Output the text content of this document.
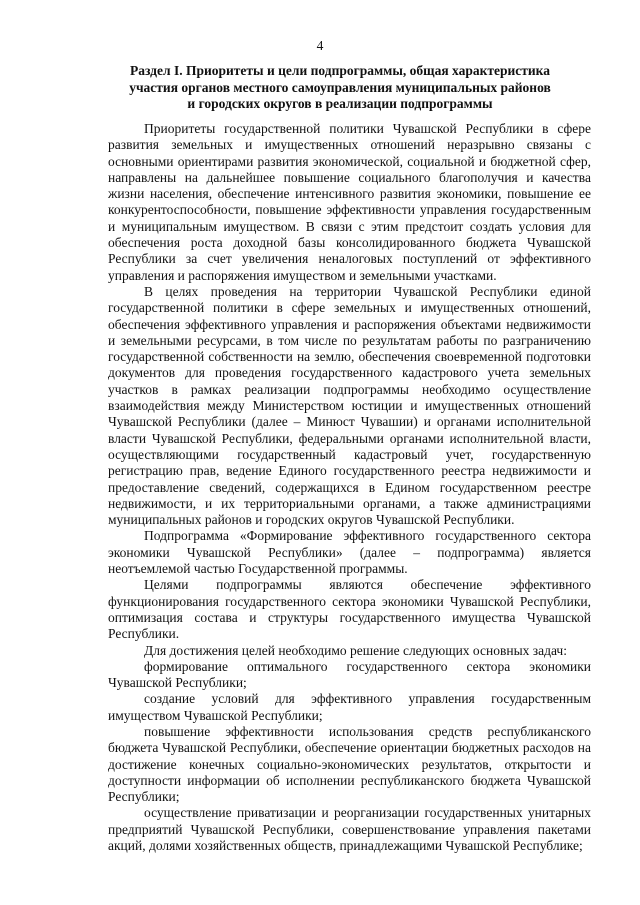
4
Раздел I. Приоритеты и цели подпрограммы, общая характеристика
участия органов местного самоуправления муниципальных районов
и городских округов в реализации подпрограммы

Приоритеты государственной политики Чувашской Республики в сфере развития земельных и имущественных отношений неразрывно связаны с основными ориентирами развития экономической, социальной и бюджетной сфер, направлены на дальнейшее повышение социального благополучия и качества жизни населения, обеспечение интенсивного развития экономики, повышение ее конкурентоспособности, повышение эффективности управления государственным и муниципальным имуществом. В связи с этим предстоит создать условия для обеспечения роста доходной базы консолидированного бюджета Чувашской Республики за счет увеличения неналоговых поступлений от эффективного управления и распоряжения имуществом и земельными участками.

В целях проведения на территории Чувашской Республики единой государственной политики в сфере земельных и имущественных отношений, обеспечения эффективного управления и распоряжения объектами недвижимости и земельными ресурсами, в том числе по результатам работы по разграничению государственной собственности на землю, обеспечения своевременной подготовки документов для проведения государственного кадастрового учета земельных участков в рамках реализации подпрограммы необходимо осуществление взаимодействия между Министерством юстиции и имущественных отношений Чувашской Республики (далее – Минюст Чувашии) и органами исполнительной власти Чувашской Республики, федеральными органами исполнительной власти, осуществляющими государственный кадастровый учет, государственную регистрацию прав, ведение Единого государственного реестра недвижимости и предоставление сведений, содержащихся в Едином государственном реестре недвижимости, и их территориальными органами, а также администрациями муниципальных районов и городских округов Чувашской Республики.

Подпрограмма «Формирование эффективного государственного сектора экономики Чувашской Республики» (далее – подпрограмма) является неотъемлемой частью Государственной программы.

Целями подпрограммы являются обеспечение эффективного функционирования государственного сектора экономики Чувашской Республики, оптимизация состава и структуры государственного имущества Чувашской Республики.

Для достижения целей необходимо решение следующих основных задач:

формирование оптимального государственного сектора экономики Чувашской Республики;

создание условий для эффективного управления государственным имуществом Чувашской Республики;

повышение эффективности использования средств республиканского бюджета Чувашской Республики, обеспечение ориентации бюджетных расходов на достижение конечных социально-экономических результатов, открытости и доступности информации об исполнении республиканского бюджета Чувашской Республики;

осуществление приватизации и реорганизации государственных унитарных предприятий Чувашской Республики, совершенствование управления пакетами акций, долями хозяйственных обществ, принадлежащими Чувашской Республике;
